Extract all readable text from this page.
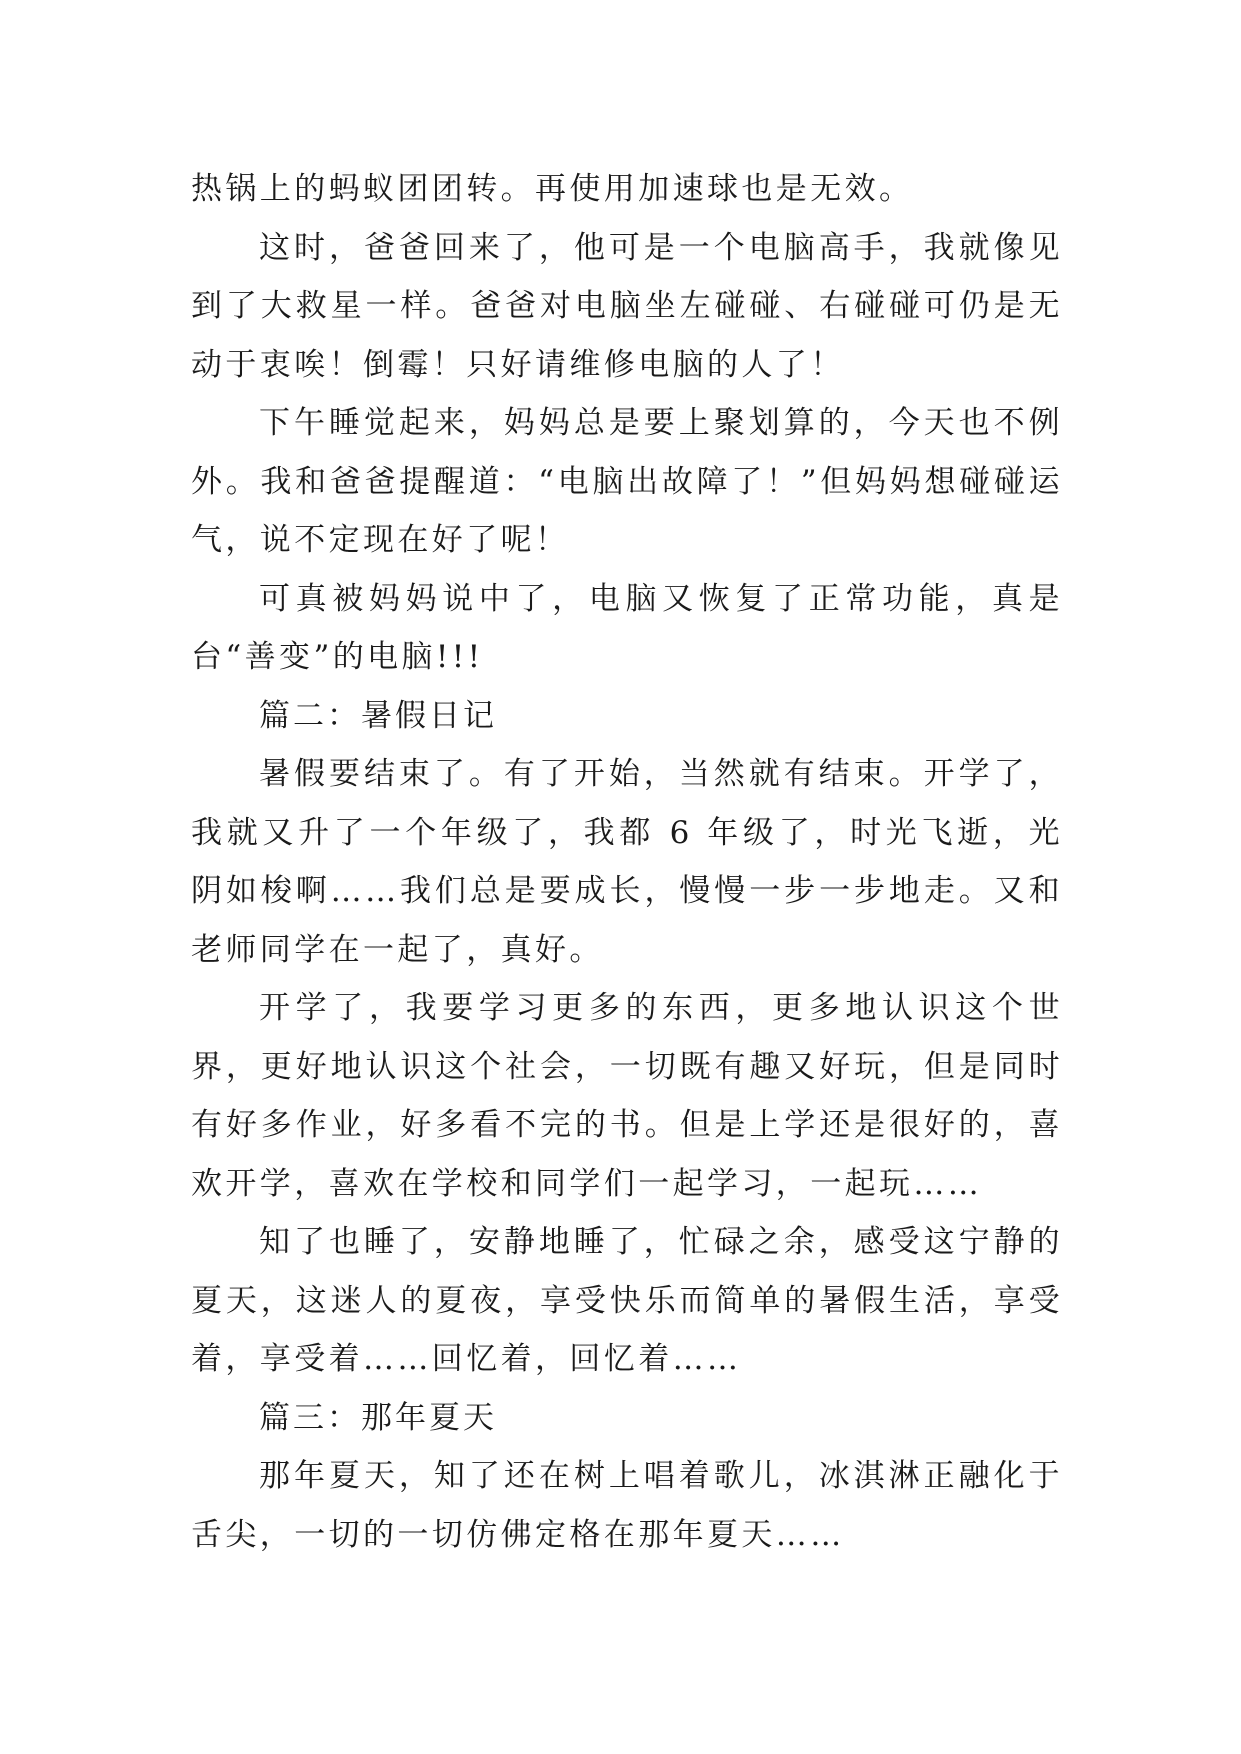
热锅上的蚂蚁团团转。再使用加速球也是无效。

这时，爸爸回来了，他可是一个电脑高手，我就像见到了大救星一样。爸爸对电脑坐左碰碰、右碰碰可仍是无动于衷唉！倒霉！只好请维修电脑的人了！

下午睡觉起来，妈妈总是要上聚划算的，今天也不例外。我和爸爸提醒道：“电脑出故障了！”但妈妈想碰碰运气，说不定现在好了呢！

可真被妈妈说中了，电脑又恢复了正常功能，真是台“善变”的电脑!!!

篇二：暑假日记

暑假要结束了。有了开始，当然就有结束。开学了，我就又升了一个年级了，我都 6 年级了，时光飞逝，光阴如梭啊……我们总是要成长，慢慢一步一步地走。又和老师同学在一起了，真好。

开学了，我要学习更多的东西，更多地认识这个世界，更好地认识这个社会，一切既有趣又好玩，但是同时有好多作业，好多看不完的书。但是上学还是很好的，喜欢开学，喜欢在学校和同学们一起学习，一起玩……

知了也睡了，安静地睡了，忙碌之余，感受这宁静的夏天，这迷人的夏夜，享受快乐而简单的暑假生活，享受着，享受着……回忆着，回忆着……

篇三：那年夏天

那年夏天，知了还在树上唱着歌儿，冰淇淋正融化于舌尖，一切的一切仿佛定格在那年夏天……
